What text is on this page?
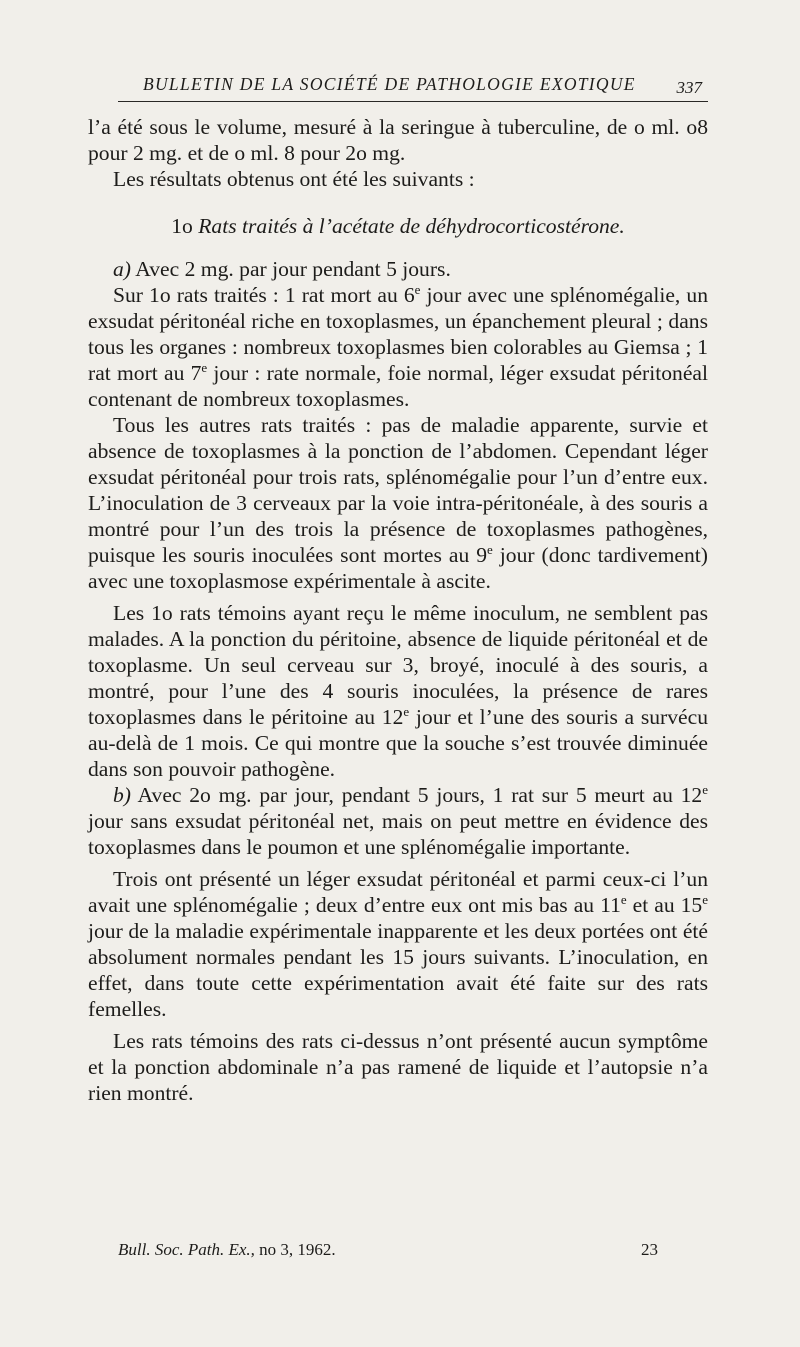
BULLETIN DE LA SOCIÉTÉ DE PATHOLOGIE EXOTIQUE 337

l’a été sous le volume, mesuré à la seringue à tuberculine, de o ml. o8 pour 2 mg. et de o ml. 8 pour 2o mg.

Les résultats obtenus ont été les suivants :

1o Rats traités à l’acétate de déhydrocorticostérone.

a) Avec 2 mg. par jour pendant 5 jours.

Sur 1o rats traités : 1 rat mort au 6e jour avec une splénomégalie, un exsudat péritonéal riche en toxoplasmes, un épanchement pleural ; dans tous les organes : nombreux toxoplasmes bien colorables au Giemsa ; 1 rat mort au 7e jour : rate normale, foie normal, léger exsudat péritonéal contenant de nombreux toxoplasmes.

Tous les autres rats traités : pas de maladie apparente, survie et absence de toxoplasmes à la ponction de l’abdomen. Cependant léger exsudat péritonéal pour trois rats, splénomégalie pour l’un d’entre eux. L’inoculation de 3 cerveaux par la voie intra-péritonéale, à des souris a montré pour l’un des trois la présence de toxoplasmes pathogènes, puisque les souris inoculées sont mortes au 9e jour (donc tardivement) avec une toxoplasmose expérimentale à ascite.

Les 1o rats témoins ayant reçu le même inoculum, ne semblent pas malades. A la ponction du péritoine, absence de liquide péritonéal et de toxoplasme. Un seul cerveau sur 3, broyé, inoculé à des souris, a montré, pour l’une des 4 souris inoculées, la présence de rares toxoplasmes dans le péritoine au 12e jour et l’une des souris a survécu au-delà de 1 mois. Ce qui montre que la souche s’est trouvée diminuée dans son pouvoir pathogène.

b) Avec 2o mg. par jour, pendant 5 jours, 1 rat sur 5 meurt au 12e jour sans exsudat péritonéal net, mais on peut mettre en évidence des toxoplasmes dans le poumon et une splénomégalie importante.

Trois ont présenté un léger exsudat péritonéal et parmi ceux-ci l’un avait une splénomégalie ; deux d’entre eux ont mis bas au 11e et au 15e jour de la maladie expérimentale inapparente et les deux portées ont été absolument normales pendant les 15 jours suivants. L’inoculation, en effet, dans toute cette expérimentation avait été faite sur des rats femelles.

Les rats témoins des rats ci-dessus n’ont présenté aucun symptôme et la ponction abdominale n’a pas ramené de liquide et l’autopsie n’a rien montré.

Bull. Soc. Path. Ex., no 3, 1962.	23
